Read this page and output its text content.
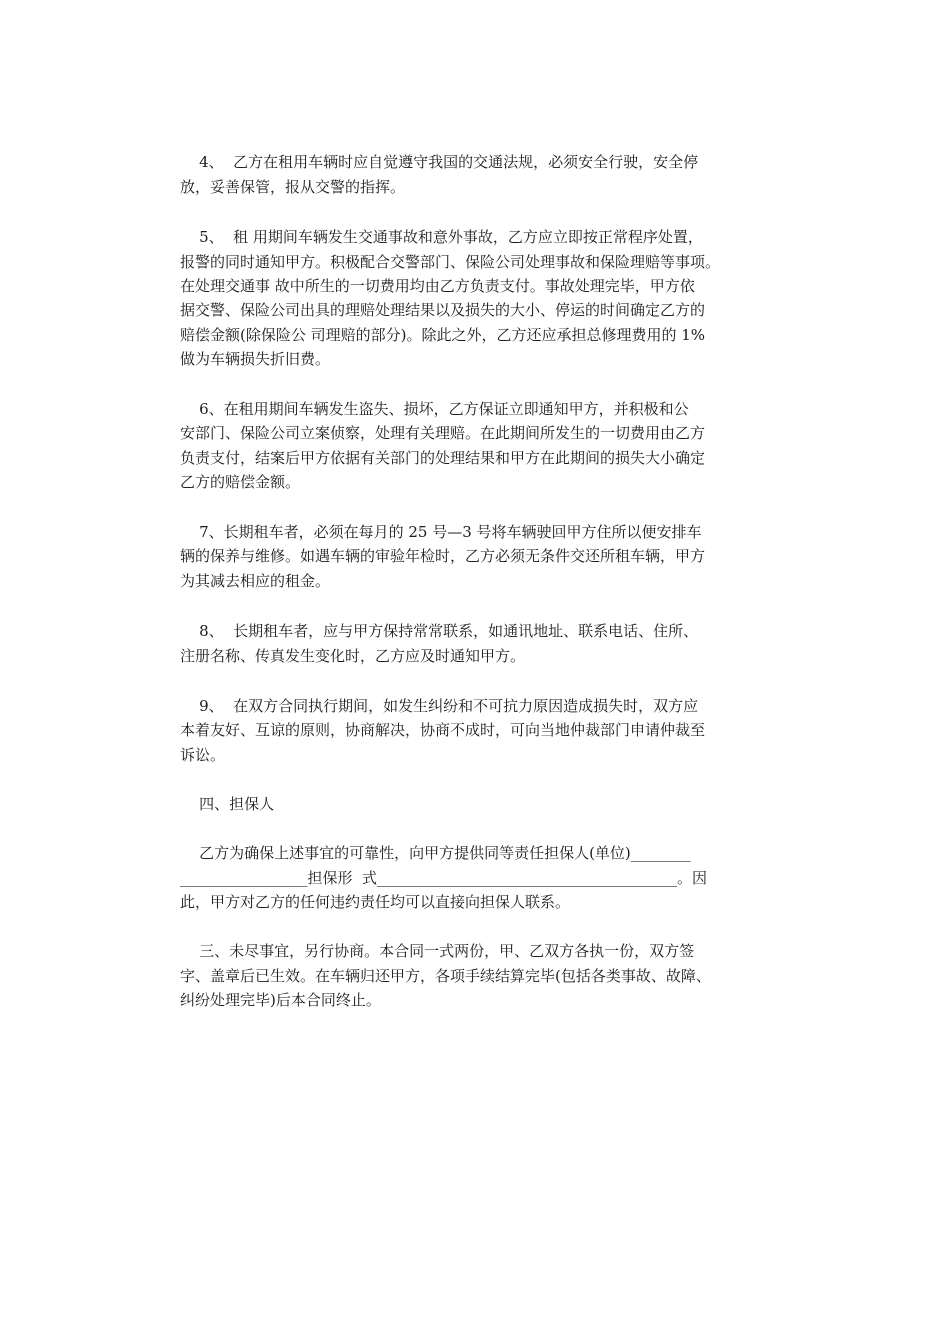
4、  乙方在租用车辆时应自觉遵守我国的交通法规，必须安全行驶，安全停
放，妥善保管，报从交警的指挥。
5、  租 用期间车辆发生交通事故和意外事故，乙方应立即按正常程序处置，
报警的同时通知甲方。积极配合交警部门、保险公司处理事故和保险理赔等事项。
在处理交通事 故中所生的一切费用均由乙方负责支付。事故处理完毕，甲方依
据交警、保险公司出具的理赔处理结果以及损失的大小、停运的时间确定乙方的
赔偿金额(除保险公 司理赔的部分)。除此之外，乙方还应承担总修理费用的 1%
做为车辆损失折旧费。
6、在租用期间车辆发生盗失、损坏，乙方保证立即通知甲方，并积极和公
安部门、保险公司立案侦察，处理有关理赔。在此期间所发生的一切费用由乙方
负责支付，结案后甲方依据有关部门的处理结果和甲方在此期间的损失大小确定
乙方的赔偿金额。
7、长期租车者，必须在每月的 25 号—3 号将车辆驶回甲方住所以便安排车
辆的保养与维修。如遇车辆的审验年检时，乙方必须无条件交还所租车辆，甲方
为其减去相应的租金。
8、  长期租车者，应与甲方保持常常联系，如通讯地址、联系电话、住所、
注册名称、传真发生变化时，乙方应及时通知甲方。
9、  在双方合同执行期间，如发生纠纷和不可抗力原因造成损失时，双方应
本着友好、互谅的原则，协商解决，协商不成时，可向当地仲裁部门申请仲裁至
诉讼。
四、担保人
乙方为确保上述事宜的可靠性，向甲方提供同等责任担保人(单位)________
_________________担保形  式________________________________________。因
此，甲方对乙方的任何违约责任均可以直接向担保人联系。
三、未尽事宜，另行协商。本合同一式两份，甲、乙双方各执一份，双方签
字、盖章后已生效。在车辆归还甲方，各项手续结算完毕(包括各类事故、故障、
纠纷处理完毕)后本合同终止。
